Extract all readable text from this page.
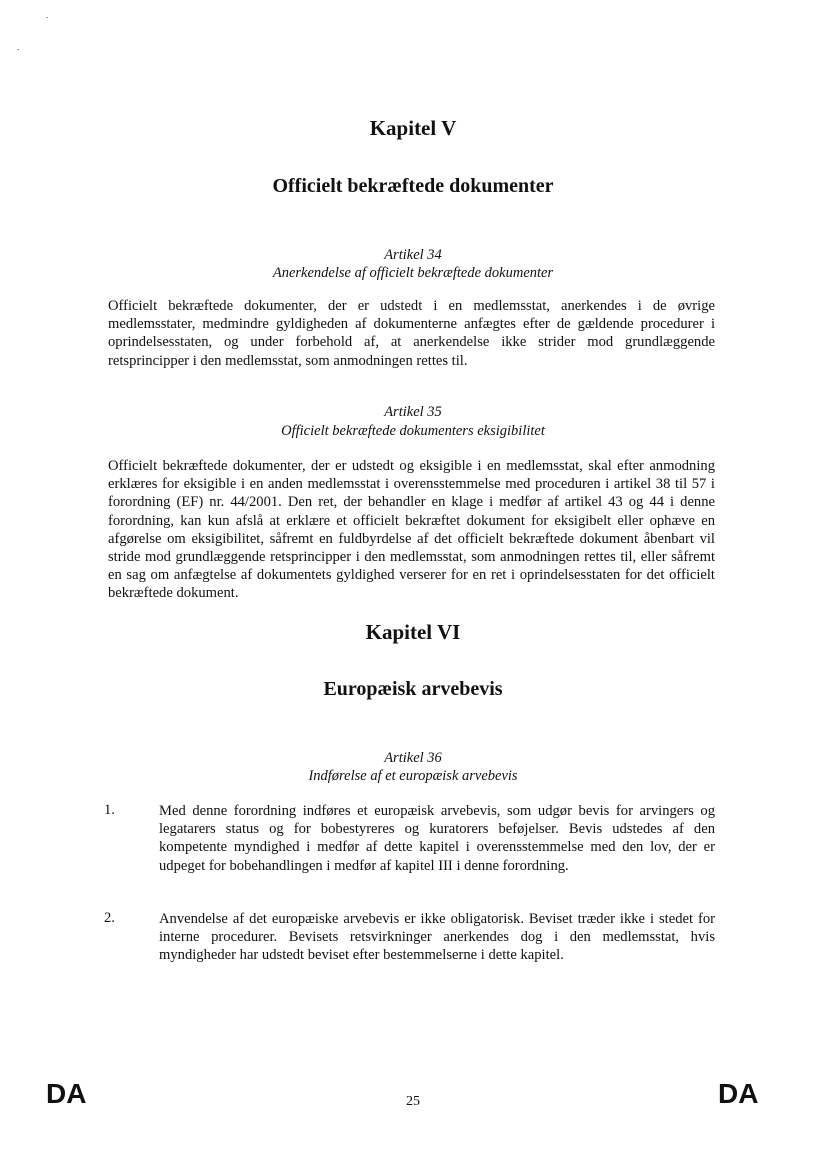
Kapitel V
Officielt bekræftede dokumenter
Artikel 34
Anerkendelse af officielt bekræftede dokumenter

Officielt bekræftede dokumenter, der er udstedt i en medlemsstat, anerkendes i de øvrige medlemsstater, medmindre gyldigheden af dokumenterne anfægtes efter de gældende procedurer i oprindelsesstaten, og under forbehold af, at anerkendelse ikke strider mod grundlæggende retsprincipper i den medlemsstat, som anmodningen rettes til.

Artikel 35
Officielt bekræftede dokumenters eksigibilitet

Officielt bekræftede dokumenter, der er udstedt og eksigible i en medlemsstat, skal efter anmodning erklæres for eksigible i en anden medlemsstat i overensstemmelse med proceduren i artikel 38 til 57 i forordning (EF) nr. 44/2001. Den ret, der behandler en klage i medfør af artikel 43 og 44 i denne forordning, kan kun afslå at erklære et officielt bekræftet dokument for eksigibelt eller ophæve en afgørelse om eksigibilitet, såfremt en fuldbyrdelse af det officielt bekræftede dokument åbenbart vil stride mod grundlæggende retsprincipper i den medlemsstat, som anmodningen rettes til, eller såfremt en sag om anfægtelse af dokumentets gyldighed verserer for en ret i oprindelsesstaten for det officielt bekræftede dokument.

Kapitel VI
Europæisk arvebevis
Artikel 36
Indførelse af et europæisk arvebevis
1.	Med denne forordning indføres et europæisk arvebevis, som udgør bevis for arvingers og legatarers status og for bobestyreres og kuratorers beføjelser. Bevis udstedes af den kompetente myndighed i medfør af dette kapitel i overensstemmelse med den lov, der er udpeget for bobehandlingen i medfør af kapitel III i denne forordning.

2.	Anvendelse af det europæiske arvebevis er ikke obligatorisk. Beviset træder ikke i stedet for interne procedurer. Bevisets retsvirkninger anerkendes dog i den medlemsstat, hvis myndigheder har udstedt beviset efter bestemmelserne i dette kapitel.

DA	25	DA
